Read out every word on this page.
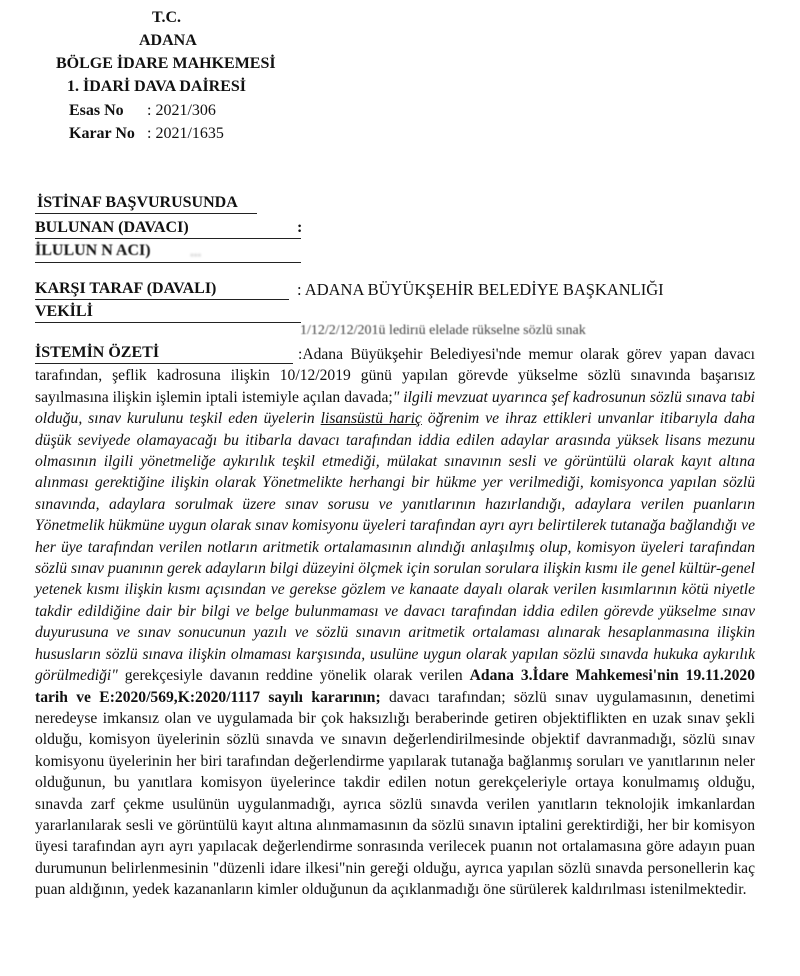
T.C.
ADANA
BÖLGE İDARE MAHKEMESİ
1. İDARİ DAVA DAİRESİ
Esas No : 2021/306
Karar No : 2021/1635
İSTİNAF BAŞVURUSUNDA
BULUNAN (DAVACI)	:
İLULUN N ACI)	...
KARŞI TARAF (DAVALI)	: ADANA BÜYÜKŞEHİR BELEDİYE BAŞKANLIĞI
VEKİLİ
1/12/2/12/201ü ledirıü elelade rükselne sözlü sınak
İSTEMİN ÖZETİ	:Adana Büyükşehir Belediyesi'nde memur olarak görev yapan davacı tarafından, şeflik kadrosuna ilişkin 10/12/2019 günü yapılan görevde yükselme sözlü sınavında başarısız sayılmasına ilişkin işlemin iptali istemiyle açılan davada;" ilgili mevzuat uyarınca şef kadrosunun sözlü sınava tabi olduğu, sınav kurulunu teşkil eden üyelerin lisansüstü hariç öğrenim ve ihraz ettikleri unvanlar itibarıyla daha düşük seviyede olamayacağı bu itibarla davacı tarafından iddia edilen adaylar arasında yüksek lisans mezunu olmasının ilgili yönetmeliğe aykırılık teşkil etmediği, mülakat sınavının sesli ve görüntülü olarak kayıt altına alınması gerektiğine ilişkin olarak Yönetmelikte herhangi bir hükme yer verilmediği, komisyonca yapılan sözlü sınavında, adaylara sorulmak üzere sınav sorusu ve yanıtlarının hazırlandığı, adaylara verilen puanların Yönetmelik hükmüne uygun olarak sınav komisyonu üyeleri tarafından ayrı ayrı belirtilerek tutanağa bağlandığı ve her üye tarafından verilen notların aritmetik ortalamasının alındığı anlaşılmış olup, komisyon üyeleri tarafından sözlü sınav puanının gerek adayların bilgi düzeyini ölçmek için sorulan sorulara ilişkin kısmı ile genel kültür-genel yetenek kısmı ilişkin kısmı açısından ve gerekse gözlem ve kanaate dayalı olarak verilen kısımlarının kötü niyetle takdir edildiğine dair bir bilgi ve belge bulunmaması ve davacı tarafından iddia edilen görevde yükselme sınav duyurusuna ve sınav sonucunun yazılı ve sözlü sınavın aritmetik ortalaması alınarak hesaplanmasına ilişkin hususların sözlü sınava ilişkin olmaması karşısında, usulüne uygun olarak yapılan sözlü sınavda hukuka aykırılık görülmediği" gerekçesiyle davanın reddine yönelik olarak verilen Adana 3.İdare Mahkemesi'nin 19.11.2020 tarih ve E:2020/569,K:2020/1117 sayılı kararının; davacı tarafından; sözlü sınav uygulamasının, denetimi neredeyse imkansız olan ve uygulamada bir çok haksızlığı beraberinde getiren objektiflikten en uzak sınav şekli olduğu, komisyon üyelerinin sözlü sınavda ve sınavın değerlendirilmesinde objektif davranmadığı, sözlü sınav komisyonu üyelerinin her biri tarafından değerlendirme yapılarak tutanağa bağlanmış soruları ve yanıtlarının neler olduğunun, bu yanıtlara komisyon üyelerince takdir edilen notun gerekçeleriyle ortaya konulmamış olduğu, sınavda zarf çekme usulünün uygulanmadığı, ayrıca sözlü sınavda verilen yanıtların teknolojik imkanlardan yararlanılarak sesli ve görüntülü kayıt altına alınmamasının da sözlü sınavın iptalini gerektirdiği, her bir komisyon üyesi tarafından ayrı ayrı yapılacak değerlendirme sonrasında verilecek puanın not ortalamasına göre adayın puan durumunun belirlenmesinin "düzenli idare ilkesi"nin gereği olduğu, ayrıca yapılan sözlü sınavda personellerin kaç puan aldığının, yedek kazananların kimler olduğunun da açıklanmadığı öne sürülerek kaldırılması istenilmektedir.
